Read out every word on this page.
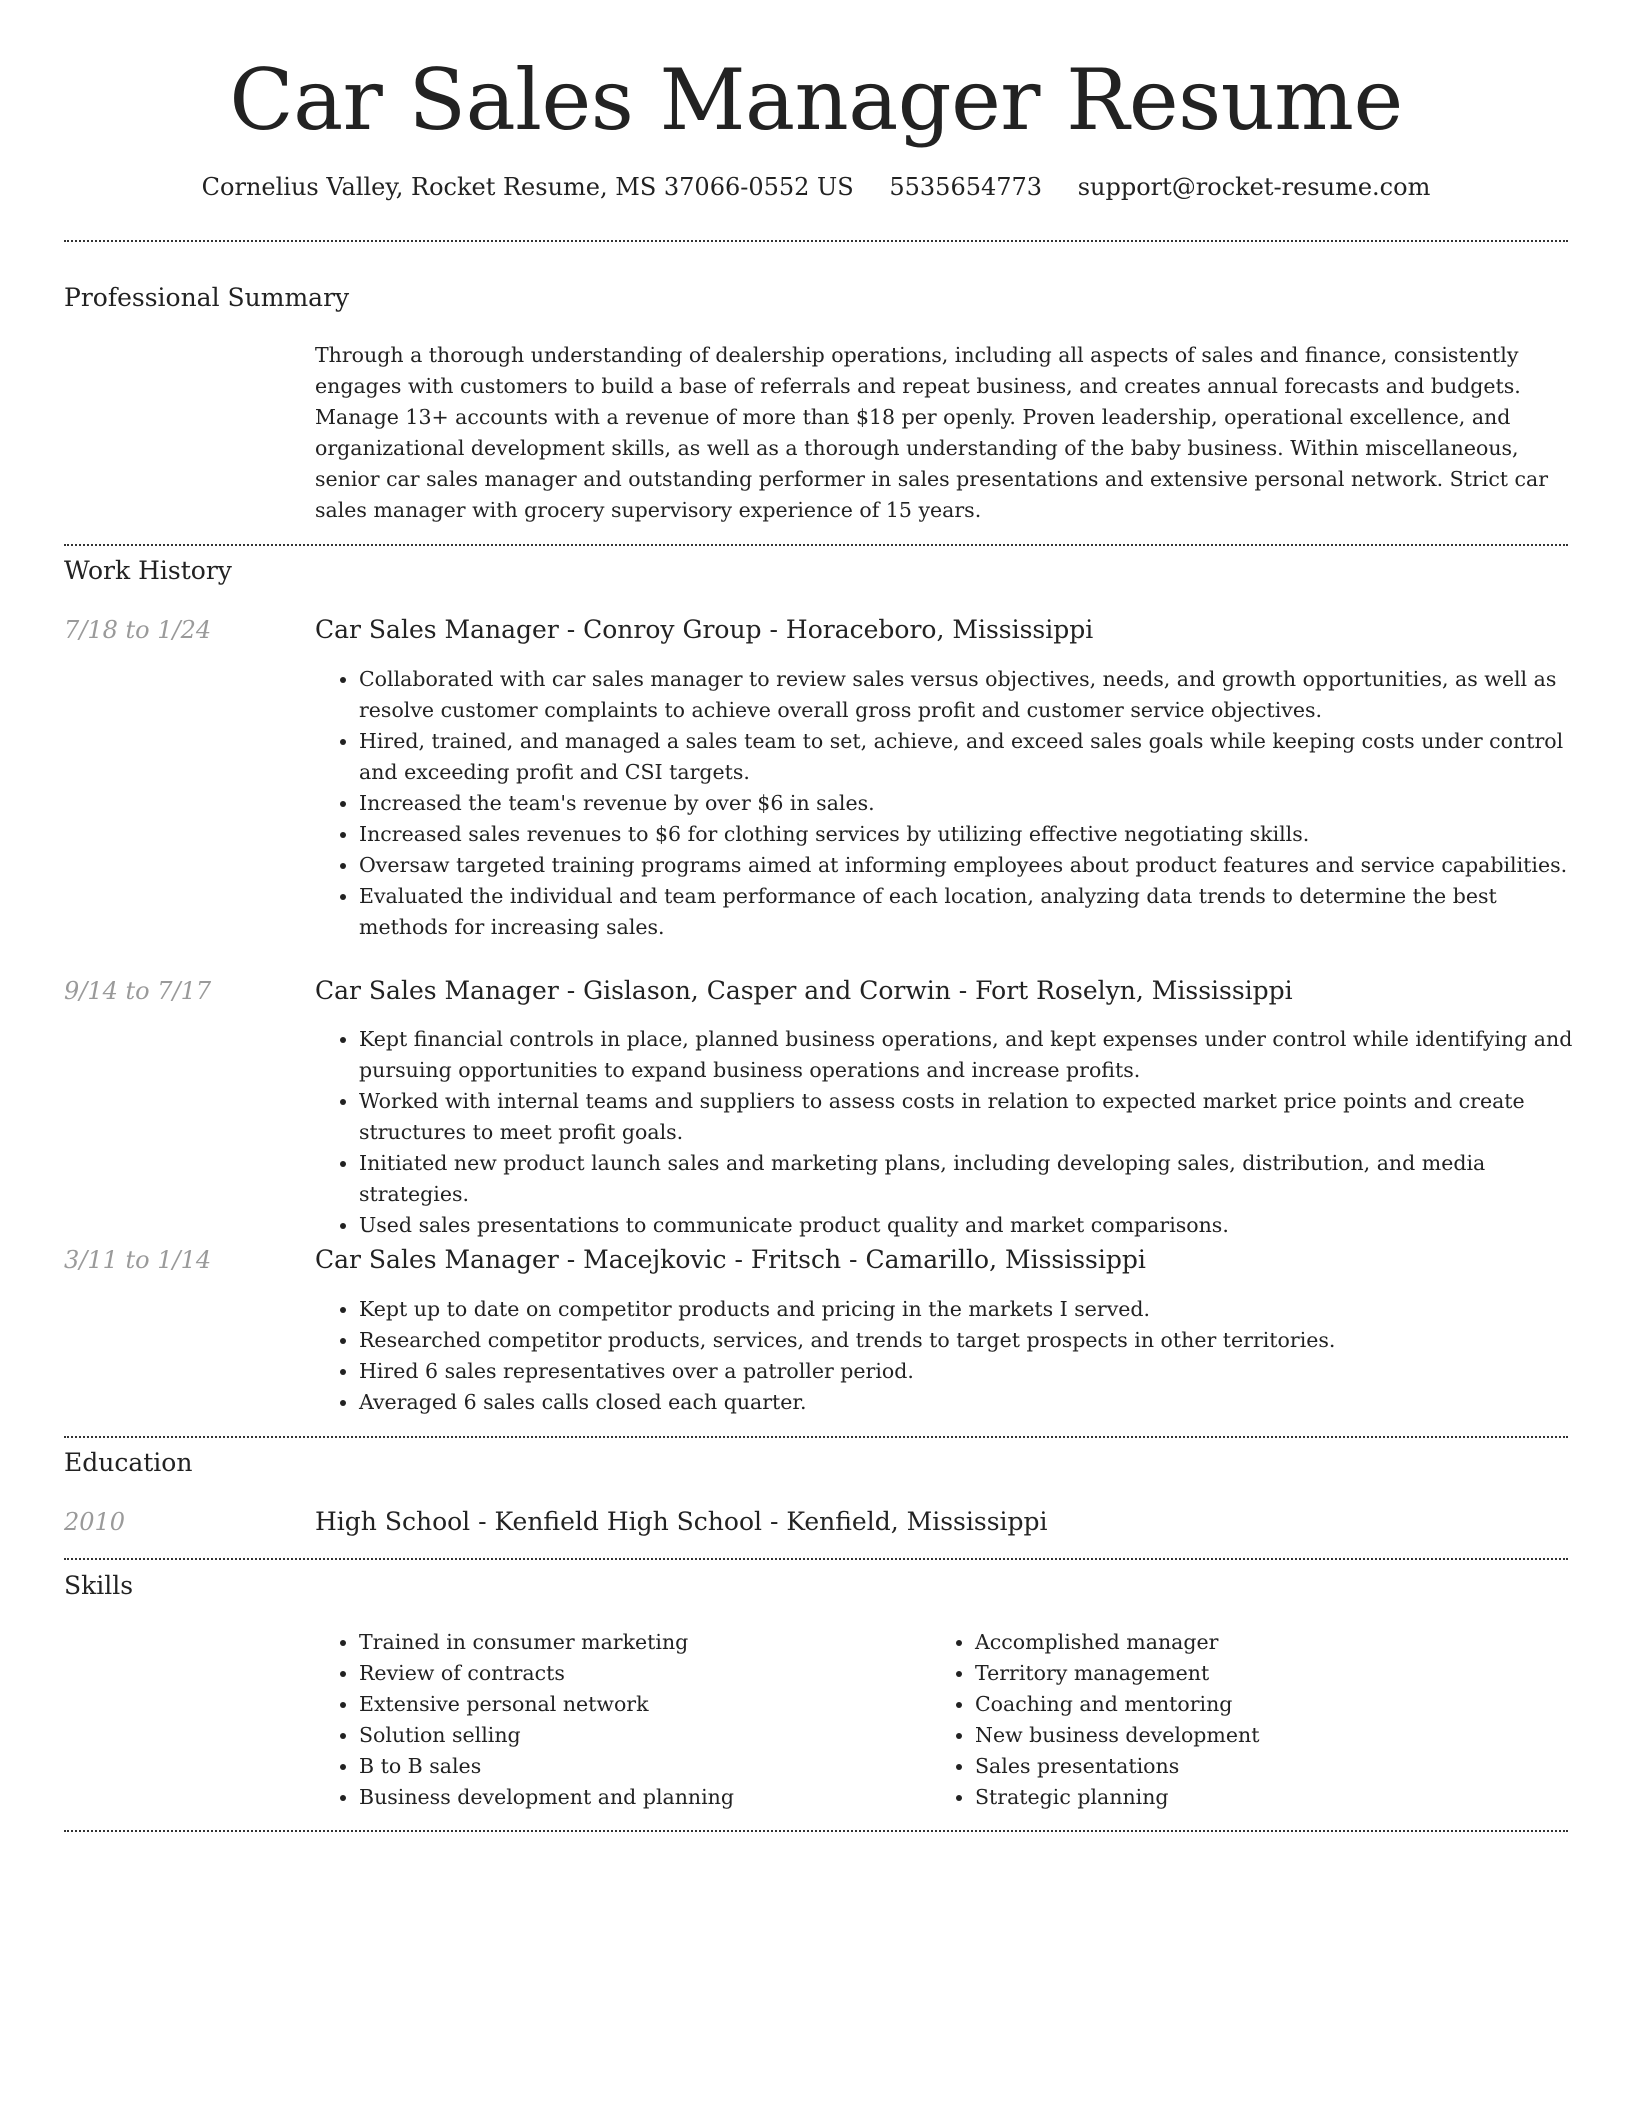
Car Sales Manager Resume
Cornelius Valley, Rocket Resume, MS 37066-0552 US 5535654773 support@rocket-resume.com
Professional Summary

Through a thorough understanding of dealership operations, including all aspects of sales and finance, consistently engages with customers to build a base of referrals and repeat business, and creates annual forecasts and budgets. Manage 13+ accounts with a revenue of more than $18 per openly. Proven leadership, operational excellence, and organizational development skills, as well as a thorough understanding of the baby business. Within miscellaneous, senior car sales manager and outstanding performer in sales presentations and extensive personal network. Strict car sales manager with grocery supervisory experience of 15 years.

Work History
7/18 to 1/24	Car Sales Manager - Conroy Group - Horaceboro, Mississippi
• Collaborated with car sales manager to review sales versus objectives, needs, and growth opportunities, as well as resolve customer complaints to achieve overall gross profit and customer service objectives.
• Hired, trained, and managed a sales team to set, achieve, and exceed sales goals while keeping costs under control and exceeding profit and CSI targets.
• Increased the team's revenue by over $6 in sales.
• Increased sales revenues to $6 for clothing services by utilizing effective negotiating skills.
• Oversaw targeted training programs aimed at informing employees about product features and service capabilities.
• Evaluated the individual and team performance of each location, analyzing data trends to determine the best methods for increasing sales.
9/14 to 7/17	Car Sales Manager - Gislason, Casper and Corwin - Fort Roselyn, Mississippi
• Kept financial controls in place, planned business operations, and kept expenses under control while identifying and pursuing opportunities to expand business operations and increase profits.
• Worked with internal teams and suppliers to assess costs in relation to expected market price points and create structures to meet profit goals.
• Initiated new product launch sales and marketing plans, including developing sales, distribution, and media strategies.
• Used sales presentations to communicate product quality and market comparisons.
3/11 to 1/14	Car Sales Manager - Macejkovic - Fritsch - Camarillo, Mississippi
• Kept up to date on competitor products and pricing in the markets I served.
• Researched competitor products, services, and trends to target prospects in other territories.
• Hired 6 sales representatives over a patroller period.
• Averaged 6 sales calls closed each quarter.
Education
2010	High School - Kenfield High School - Kenfield, Mississippi
Skills
• Trained in consumer marketing
• Review of contracts
• Extensive personal network
• Solution selling
• B to B sales
• Business development and planning
• Accomplished manager
• Territory management
• Coaching and mentoring
• New business development
• Sales presentations
• Strategic planning
